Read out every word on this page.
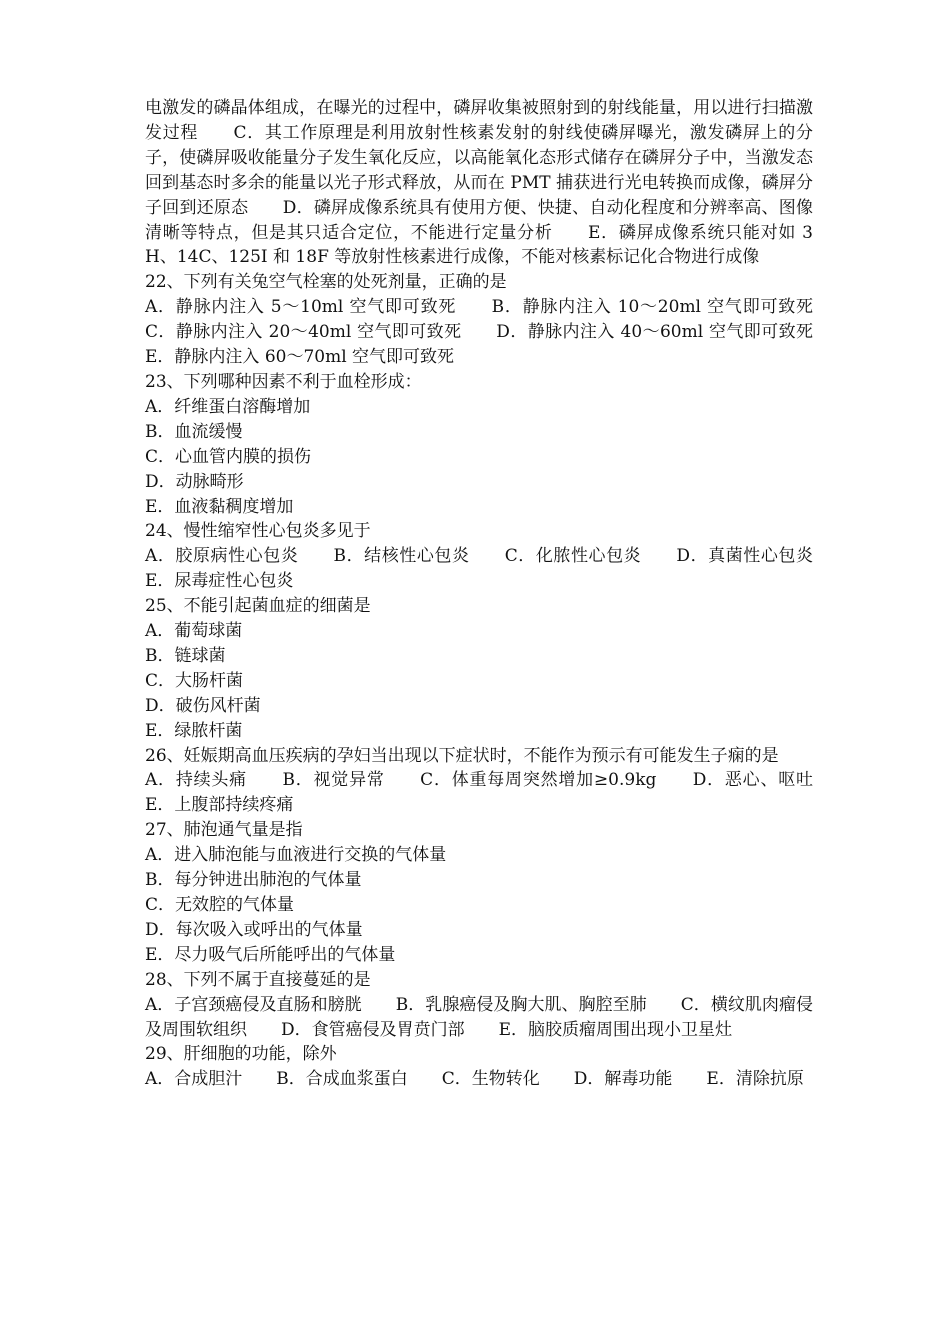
电激发的磷晶体组成，在曝光的过程中，磷屏收集被照射到的射线能量，用以进行扫描激发过程　　C．其工作原理是利用放射性核素发射的射线使磷屏曝光，激发磷屏上的分子，使磷屏吸收能量分子发生氧化反应，以高能氧化态形式储存在磷屏分子中，当激发态回到基态时多余的能量以光子形式释放，从而在 PMT 捕获进行光电转换而成像，磷屏分子回到还原态　　D．磷屏成像系统具有使用方便、快捷、自动化程度和分辨率高、图像清晰等特点，但是其只适合定位，不能进行定量分析　　E．磷屏成像系统只能对如 3H、14C、125I 和 18F 等放射性核素进行成像，不能对核素标记化合物进行成像

22、下列有关兔空气栓塞的处死剂量，正确的是

A．静脉内注入 5～10ml 空气即可致死　　B．静脉内注入 10～20ml 空气即可致死　　C．静脉内注入 20～40ml 空气即可致死　　D．静脉内注入 40～60ml 空气即可致死　　E．静脉内注入 60～70ml 空气即可致死

23、下列哪种因素不利于血栓形成：

A．纤维蛋白溶酶增加

B．血流缓慢

C．心血管内膜的损伤

D．动脉畸形

E．血液黏稠度增加

24、慢性缩窄性心包炎多见于

A．胶原病性心包炎　　B．结核性心包炎　　C．化脓性心包炎　　D．真菌性心包炎　　E．尿毒症性心包炎

25、不能引起菌血症的细菌是

A．葡萄球菌

B．链球菌

C．大肠杆菌

D．破伤风杆菌

E．绿脓杆菌

26、妊娠期高血压疾病的孕妇当出现以下症状时，不能作为预示有可能发生子痫的是

A．持续头痛　　B．视觉异常　　C．体重每周突然增加≥0.9kg　　D．恶心、呕吐　　E．上腹部持续疼痛

27、肺泡通气量是指

A．进入肺泡能与血液进行交换的气体量

B．每分钟进出肺泡的气体量

C．无效腔的气体量

D．每次吸入或呼出的气体量

E．尽力吸气后所能呼出的气体量

28、下列不属于直接蔓延的是

A．子宫颈癌侵及直肠和膀胱　　B．乳腺癌侵及胸大肌、胸腔至肺　　C．横纹肌肉瘤侵及周围软组织　　D．食管癌侵及胃贲门部　　E．脑胶质瘤周围出现小卫星灶

29、肝细胞的功能，除外

A．合成胆汁　　B．合成血浆蛋白　　C．生物转化　　D．解毒功能　　E．清除抗原
